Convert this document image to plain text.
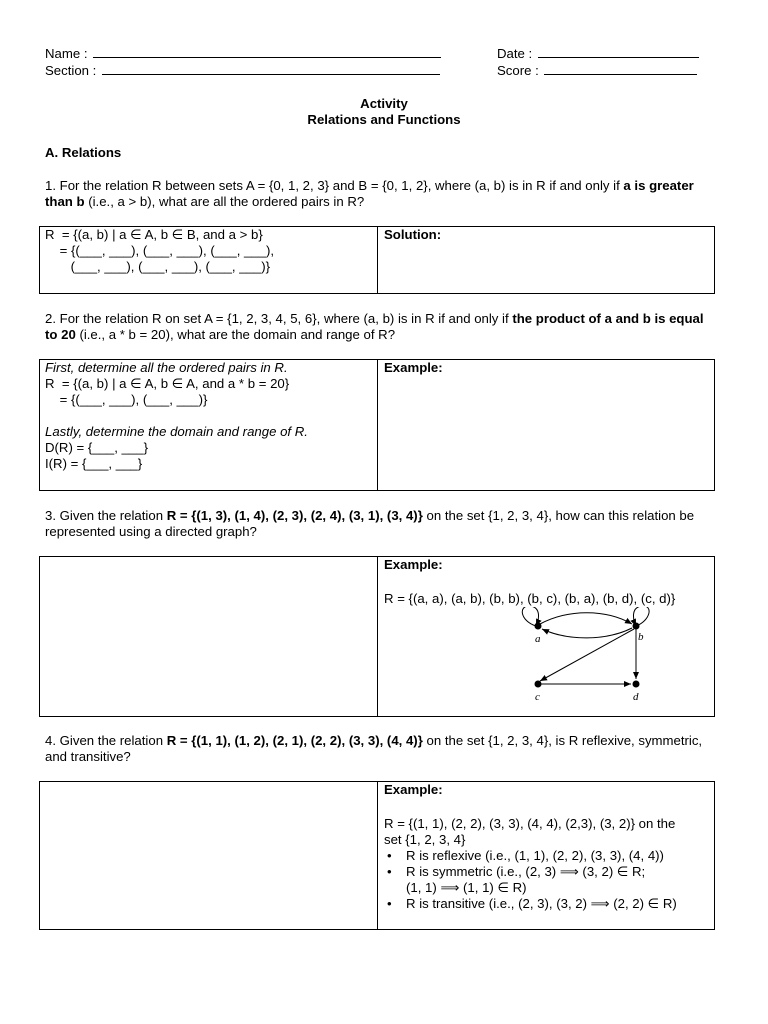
Name :
Section :
Date :
Score :
Activity
Relations and Functions
A. Relations
1. For the relation R between sets A = {0, 1, 2, 3} and B = {0, 1, 2}, where (a, b) is in R if and only if a is greater than b (i.e., a > b), what are all the ordered pairs in R?
R  = {(a, b) | a ∈ A, b ∈ B, and a > b}
= {(___, ___), (___, ___), (___, ___),
(___, ___), (___, ___), (___, ___)}
Solution:
2. For the relation R on set A = {1, 2, 3, 4, 5, 6}, where (a, b) is in R if and only if the product of a and b is equal to 20 (i.e., a * b = 20), what are the domain and range of R?
First, determine all the ordered pairs in R.
R  = {(a, b) | a ∈ A, b ∈ A, and a * b = 20}
= {(___, ___), (___, ___)}
Lastly, determine the domain and range of R.
D(R) = {___, ___}
I(R) = {___, ___}
Example:
3. Given the relation R = {(1, 3), (1, 4), (2, 3), (2, 4), (3, 1), (3, 4)} on the set {1, 2, 3, 4}, how can this relation be represented using a directed graph?
Example:
R = {(a, a), (a, b), (b, b), (b, c), (b, a), (b, d), (c, d)}
a	b
c	d
4. Given the relation R = {(1, 1), (1, 2), (2, 1), (2, 2), (3, 3), (4, 4)} on the set {1, 2, 3, 4}, is R reflexive, symmetric, and transitive?
Example:
R = {(1, 1), (2, 2), (3, 3), (4, 4), (2,3), (3, 2)} on the
set {1, 2, 3, 4}
• R is reflexive (i.e., (1, 1), (2, 2), (3, 3), (4, 4))
• R is symmetric (i.e., (2, 3) ⟹ (3, 2) ∈ R;
(1, 1) ⟹ (1, 1) ∈ R)
• R is transitive (i.e., (2, 3), (3, 2) ⟹ (2, 2) ∈ R)
